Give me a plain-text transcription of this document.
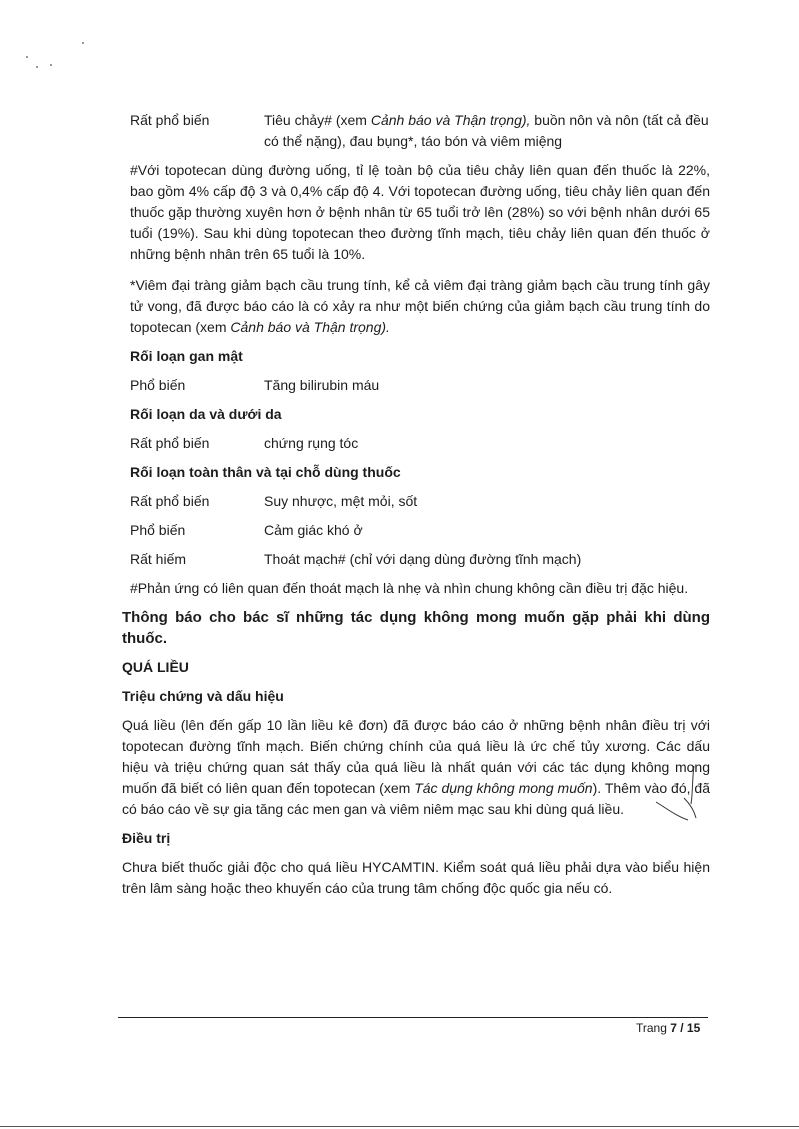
Rất phổ biến	Tiêu chảy# (xem Cảnh báo và Thận trọng), buồn nôn và nôn (tất cả đều có thể nặng), đau bụng*, táo bón và viêm miệng

#Với topotecan dùng đường uống, tỉ lệ toàn bộ của tiêu chảy liên quan đến thuốc là 22%, bao gồm 4% cấp độ 3 và 0,4% cấp độ 4. Với topotecan đường uống, tiêu chảy liên quan đến thuốc gặp thường xuyên hơn ở bệnh nhân từ 65 tuổi trở lên (28%) so với bệnh nhân dưới 65 tuổi (19%). Sau khi dùng topotecan theo đường tĩnh mạch, tiêu chảy liên quan đến thuốc ở những bệnh nhân trên 65 tuổi là 10%.

*Viêm đại tràng giảm bạch cầu trung tính, kể cả viêm đại tràng giảm bạch cầu trung tính gây tử vong, đã được báo cáo là có xảy ra như một biến chứng của giảm bạch cầu trung tính do topotecan (xem Cảnh báo và Thận trọng).

Rối loạn gan mật
Phổ biến	Tăng bilirubin máu
Rối loạn da và dưới da
Rất phổ biến	chứng rụng tóc
Rối loạn toàn thân và tại chỗ dùng thuốc
Rất phổ biến	Suy nhược, mệt mỏi, sốt
Phổ biến	Cảm giác khó ở
Rất hiếm	Thoát mạch# (chỉ với dạng dùng đường tĩnh mạch)

#Phản ứng có liên quan đến thoát mạch là nhẹ và nhìn chung không cần điều trị đặc hiệu.

Thông báo cho bác sĩ những tác dụng không mong muốn gặp phải khi dùng thuốc.
QUÁ LIỀU
Triệu chứng và dấu hiệu

Quá liều (lên đến gấp 10 lần liều kê đơn) đã được báo cáo ở những bệnh nhân điều trị với topotecan đường tĩnh mạch. Biến chứng chính của quá liều là ức chế tủy xương. Các dấu hiệu và triệu chứng quan sát thấy của quá liều là nhất quán với các tác dụng không mong muốn đã biết có liên quan đến topotecan (xem Tác dụng không mong muốn). Thêm vào đó, đã có báo cáo về sự gia tăng các men gan và viêm niêm mạc sau khi dùng quá liều.

Điều trị

Chưa biết thuốc giải độc cho quá liều HYCAMTIN. Kiểm soát quá liều phải dựa vào biểu hiện trên lâm sàng hoặc theo khuyến cáo của trung tâm chống độc quốc gia nếu có.

Trang 7 / 15
